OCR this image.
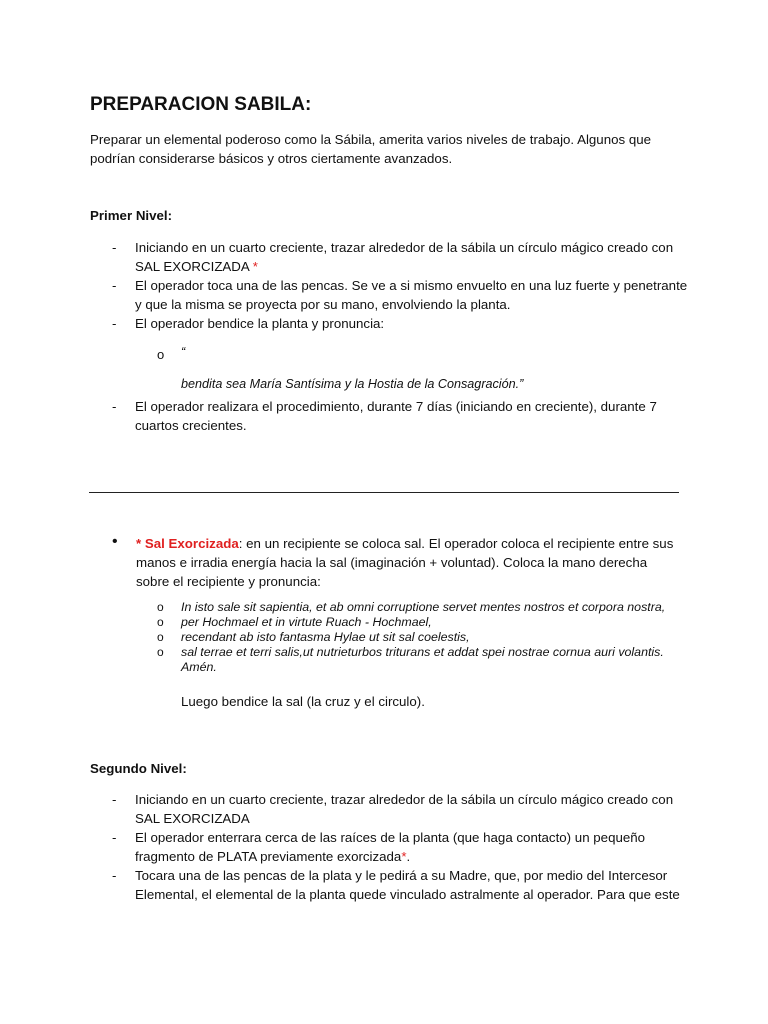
PREPARACION SABILA:

Preparar un elemental poderoso como la Sábila, amerita varios niveles de trabajo. Algunos que podrían considerarse básicos y otros ciertamente avanzados.

Primer Nivel:

- Iniciando en un cuarto creciente, trazar alrededor de la sábila un círculo mágico creado con SAL EXORCIZADA *
- El operador toca una de las pencas. Se ve a si mismo envuelto en una luz fuerte y penetrante y que la misma se proyecta por su mano, envolviendo la planta.
- El operador bendice la planta y pronuncia:
o “

bendita sea María Santísima y la Hostia de la Consagración.”

- El operador realizara el procedimiento, durante 7 días (iniciando en creciente), durante 7 cuartos crecientes.
• * Sal Exorcizada: en un recipiente se coloca sal. El operador coloca el recipiente entre sus manos e irradia energía hacia la sal (imaginación + voluntad). Coloca la mano derecha sobre el recipiente y pronuncia:

o In isto sale sit sapientia, et ab omni corruptione servet mentes nostros et corpora nostra,
o per Hochmael et in virtute Ruach - Hochmael,
o recendant ab isto fantasma Hylae ut sit sal coelestis,
o sal terrae et terri salis,ut nutrieturbos triturans et addat spei nostrae cornua auri volantis. Amén.

Luego bendice la sal (la cruz y el circulo).

Segundo Nivel:

- Iniciando en un cuarto creciente, trazar alrededor de la sábila un círculo mágico creado con SAL EXORCIZADA
- El operador enterrara cerca de las raíces de la planta (que haga contacto) un pequeño fragmento de PLATA previamente exorcizada*.
- Tocara una de las pencas de la plata y le pedirá a su Madre, que, por medio del Intercesor Elemental, el elemental de la planta quede vinculado astralmente al operador. Para que este
